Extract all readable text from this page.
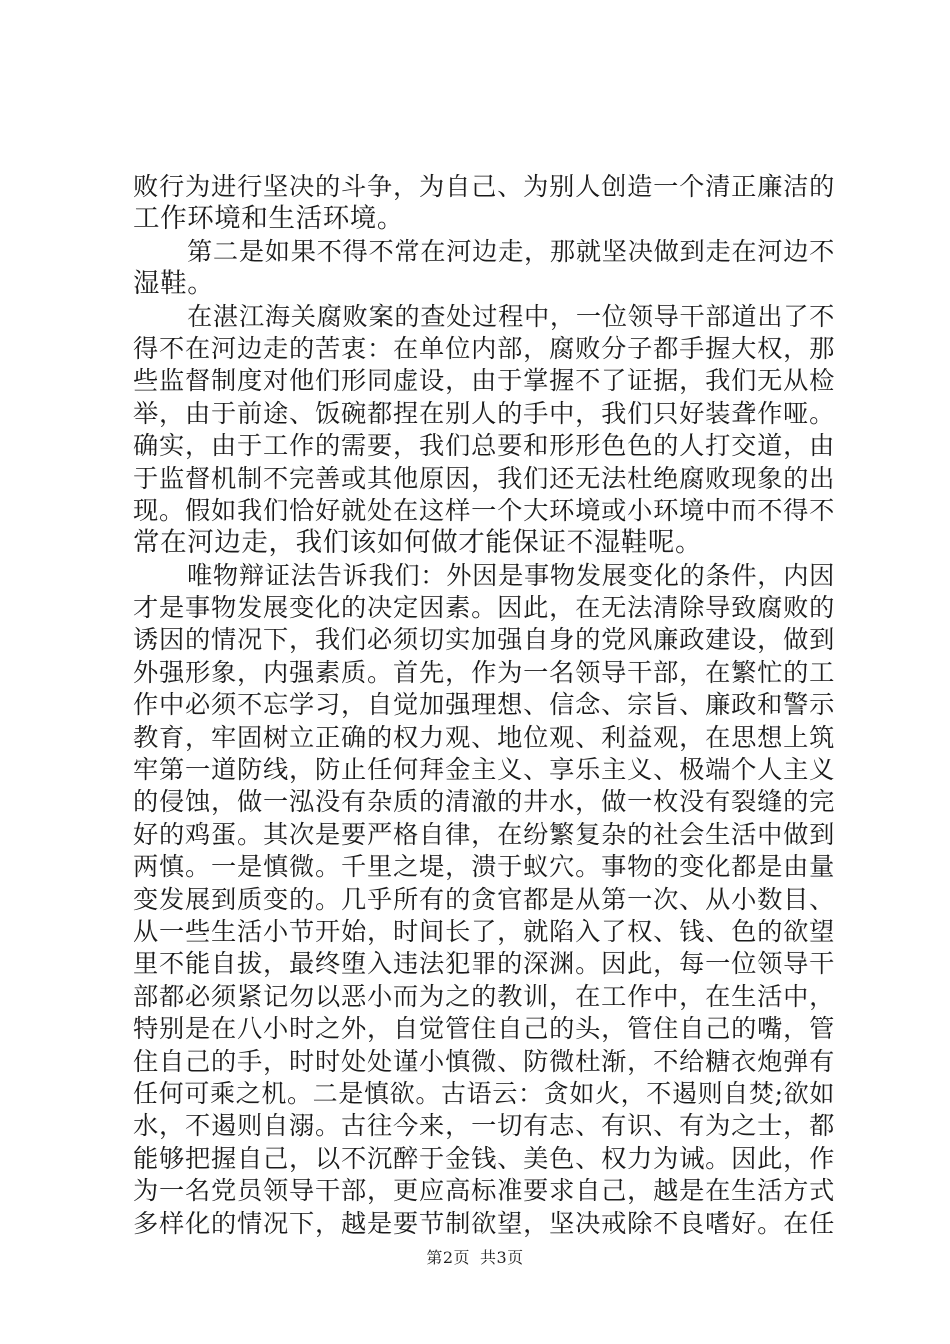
败行为进行坚决的斗争，为自己、为别人创造一个清正廉洁的
工作环境和生活环境。
第二是如果不得不常在河边走，那就坚决做到走在河边不
湿鞋。
在湛江海关腐败案的查处过程中，一位领导干部道出了不
得不在河边走的苦衷：在单位内部，腐败分子都手握大权，那
些监督制度对他们形同虚设，由于掌握不了证据，我们无从检
举，由于前途、饭碗都捏在别人的手中，我们只好装聋作哑。
确实，由于工作的需要，我们总要和形形色色的人打交道，由
于监督机制不完善或其他原因，我们还无法杜绝腐败现象的出
现。假如我们恰好就处在这样一个大环境或小环境中而不得不
常在河边走，我们该如何做才能保证不湿鞋呢。
唯物辩证法告诉我们：外因是事物发展变化的条件，内因
才是事物发展变化的决定因素。因此，在无法清除导致腐败的
诱因的情况下，我们必须切实加强自身的党风廉政建设，做到
外强形象，内强素质。首先，作为一名领导干部，在繁忙的工
作中必须不忘学习，自觉加强理想、信念、宗旨、廉政和警示
教育，牢固树立正确的权力观、地位观、利益观，在思想上筑
牢第一道防线，防止任何拜金主义、享乐主义、极端个人主义
的侵蚀，做一泓没有杂质的清澈的井水，做一枚没有裂缝的完
好的鸡蛋。其次是要严格自律，在纷繁复杂的社会生活中做到
两慎。一是慎微。千里之堤，溃于蚁穴。事物的变化都是由量
变发展到质变的。几乎所有的贪官都是从第一次、从小数目、
从一些生活小节开始，时间长了，就陷入了权、钱、色的欲望
里不能自拔，最终堕入违法犯罪的深渊。因此，每一位领导干
部都必须紧记勿以恶小而为之的教训，在工作中，在生活中，
特别是在八小时之外，自觉管住自己的头，管住自己的嘴，管
住自己的手，时时处处谨小慎微、防微杜渐，不给糖衣炮弹有
任何可乘之机。二是慎欲。古语云：贪如火，不遏则自焚;欲如
水，不遏则自溺。古往今来，一切有志、有识、有为之士，都
能够把握自己，以不沉醉于金钱、美色、权力为诫。因此，作
为一名党员领导干部，更应高标准要求自己，越是在生活方式
多样化的情况下，越是要节制欲望，坚决戒除不良嗜好。在任
第2页 共3页
